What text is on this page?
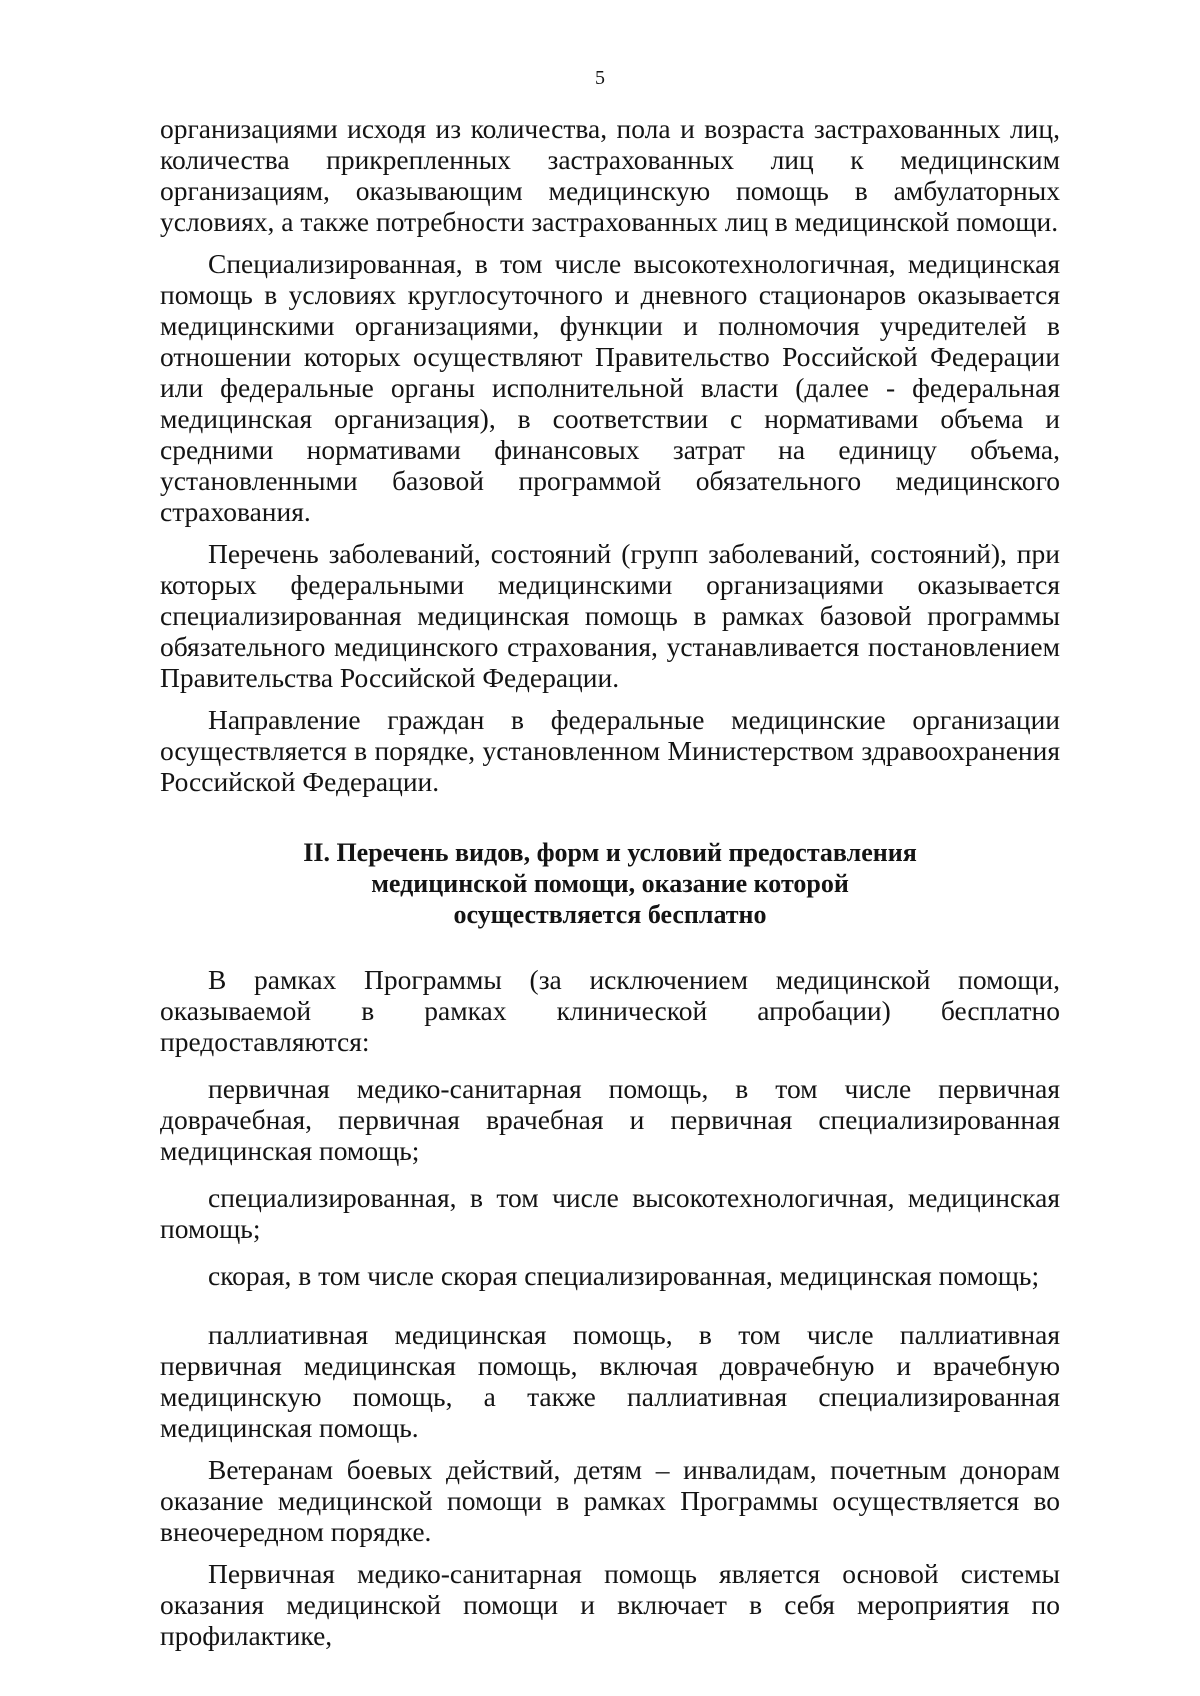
5

организациями исходя из количества, пола и возраста застрахованных лиц, количества прикрепленных застрахованных лиц к медицинским организациям, оказывающим медицинскую помощь в амбулаторных условиях, а также потребности застрахованных лиц в медицинской помощи.

Специализированная, в том числе высокотехнологичная, медицинская помощь в условиях круглосуточного и дневного стационаров оказывается медицинскими организациями, функции и полномочия учредителей в отношении которых осуществляют Правительство Российской Федерации или федеральные органы исполнительной власти (далее - федеральная медицинская организация), в соответствии с нормативами объема и средними нормативами финансовых затрат на единицу объема, установленными базовой программой обязательного медицинского страхования.

Перечень заболеваний, состояний (групп заболеваний, состояний), при которых федеральными медицинскими организациями оказывается специализированная медицинская помощь в рамках базовой программы обязательного медицинского страхования, устанавливается постановлением Правительства Российской Федерации.

Направление граждан в федеральные медицинские организации осуществляется в порядке, установленном Министерством здравоохранения Российской Федерации.

II. Перечень видов, форм и условий предоставления
медицинской помощи, оказание которой
осуществляется бесплатно

В рамках Программы (за исключением медицинской помощи, оказываемой в рамках клинической апробации) бесплатно предоставляются:

первичная медико-санитарная помощь, в том числе первичная доврачебная, первичная врачебная и первичная специализированная медицинская помощь;

специализированная, в том числе высокотехнологичная, медицинская помощь;

скорая, в том числе скорая специализированная, медицинская помощь;

паллиативная медицинская помощь, в том числе паллиативная первичная медицинская помощь, включая доврачебную и врачебную медицинскую помощь, а также паллиативная специализированная медицинская помощь.

Ветеранам боевых действий, детям – инвалидам, почетным донорам оказание медицинской помощи в рамках Программы осуществляется во внеочередном порядке.

Первичная медико-санитарная помощь является основой системы оказания медицинской помощи и включает в себя мероприятия по профилактике,
